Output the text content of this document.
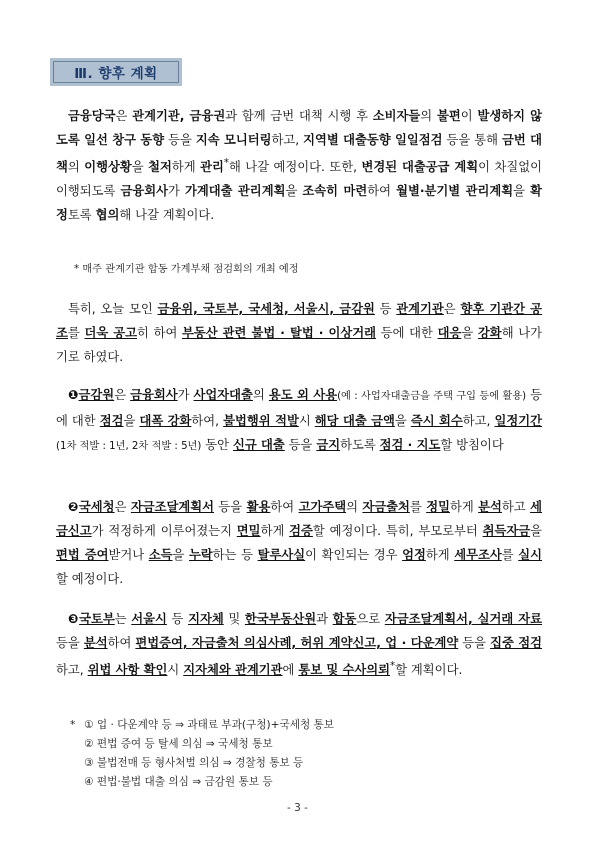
Ⅲ. 향후 계획
금융당국은 관계기관, 금융권과 함께 금번 대책 시행 후 소비자들의 불편이 발생하지 않도록 일선 창구 동향 등을 지속 모니터링하고, 지역별 대출동향 일일점검 등을 통해 금번 대책의 이행상황을 철저하게 관리*해 나갈 예정이다. 또한, 변경된 대출공급 계획이 차질없이 이행되도록 금융회사가 가계대출 관리계획을 조속히 마련하여 월별·분기별 관리계획을 확정토록 협의해 나갈 계획이다.
* 매주 관계기관 합동 가계부채 점검회의 개최 예정
특히, 오늘 모인 금융위, 국토부, 국세청, 서울시, 금감원 등 관계기관은 향후 기관간 공조를 더욱 공고히 하여 부동산 관련 불법 · 탈법 · 이상거래 등에 대한 대응을 강화해 나가기로 하였다.
❶금감원은 금융회사가 사업자대출의 용도 외 사용(예 : 사업자대출금을 주택 구입 등에 활용) 등에 대한 점검을 대폭 강화하여, 불법행위 적발시 해당 대출 금액을 즉시 회수하고, 일정기간(1차 적발 : 1년, 2차 적발 : 5년) 동안 신규 대출 등을 금지하도록 점검 · 지도할 방침이다
❷국세청은 자금조달계획서 등을 활용하여 고가주택의 자금출처를 정밀하게 분석하고 세금신고가 적정하게 이루어졌는지 면밀하게 검증할 예정이다. 특히, 부모로부터 취득자금을 편법 증여받거나 소득을 누락하는 등 탈루사실이 확인되는 경우 엄정하게 세무조사를 실시할 예정이다.
❸국토부는 서울시 등 지자체 및 한국부동산원과 합동으로 자금조달계획서, 실거래 자료 등을 분석하여 편법증여, 자금출처 의심사례, 허위 계약신고, 업 · 다운계약 등을 집중 점검하고, 위법 사항 확인시 지자체와 관계기관에 통보 및 수사의뢰*할 계획이다.
* ① 업 · 다운계약 등 ⇒ 과태료 부과(구청)+국세청 통보
② 편법 증여 등 탈세 의심 ⇒ 국세청 통보
③ 불법전매 등 형사처벌 의심 ⇒ 경찰청 통보 등
④ 편법·불법 대출 의심 ⇒ 금감원 통보 등
- 3 -
